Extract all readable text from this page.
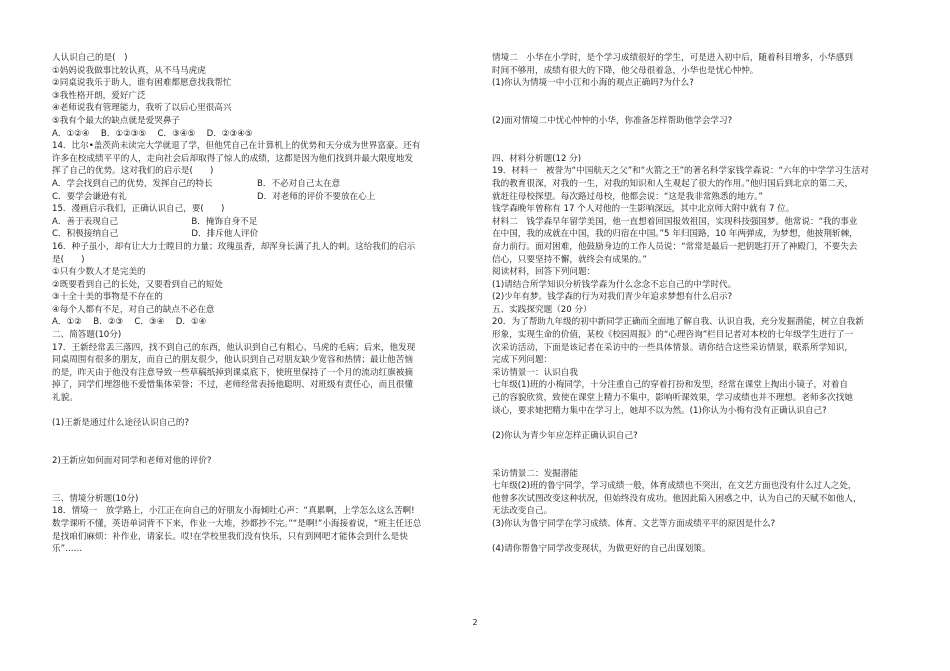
人认识自己的是(　)

①妈妈说我做事比较认真，从不马马虎虎

②同桌说我乐于助人，谁有困难都愿意找我帮忙

③我性格开朗，爱好广泛

④老师说我有管理能力，我听了以后心里很高兴

⑤我有个最大的缺点就是爱哭鼻子

A．①②④　 B．①②③⑤　 C．③④⑤　 D．②③④⑤

14．比尔•盖茨尚未读完大学就退了学，但他凭自己在计算机上的优势和天分成为世界富豪。还有

许多在校成绩平平的人，走向社会后却取得了惊人的成绩，这都是因为他们找到并最大限度地发

挥了自己的优势。这对我们的启示是(　　)

A．学会找到自己的优势，发挥自己的特长	B．不必对自己太在意

C．要学会谦逊有礼	D．对老师的评价不要放在心上

15．漫画启示我们，正确认识自己，要(　　)

A．善于表现自己	B．掩饰自身不足

C．积极接纳自己	D．排斥他人评价

16．种子虽小，却有让大力士瞠目的力量；玫瑰虽香，却浑身长满了扎人的刺。这给我们的启示

是(　　)

①只有少数人才是完美的

②既要看到自己的长处，又要看到自己的短处

③十全十美的事物是不存在的

④每个人都有不足，对自己的缺点不必在意

A．①②　 B．②③　 C．③④　 D．①④

二、简答题(10分)

17．王新经常丢三落四，找不到自己的东西，他认识到自己有粗心、马虎的毛病；后来，他发现

同桌周围有很多的朋友，而自己的朋友很少，他认识到自己对朋友缺少宽容和热情；最让他苦恼

的是，昨天由于他没有注意导致一些草稿纸掉到课桌底下，使班里保持了一个月的流动红旗被摘

掉了，同学们埋怨他不爱惜集体荣誉；不过，老师经常表扬他聪明、对班级有责任心，而且很懂

礼貌。

(1)王新是通过什么途径认识自己的?

2)王新应如何面对同学和老师对他的评价?

三、情境分析题(10分)

18．情境一　放学路上，小江正在向自己的好朋友小海倾吐心声：“真累啊，上学怎么这么苦啊!

数学课听不懂，英语单词背不下来，作业一大堆，抄都抄不完。”“是啊!”小海接着说，“班主任还总

是找咱们麻烦：补作业，请家长。哎!在学校里我们没有快乐，只有到网吧才能体会到什么是快

乐”……

情境二　小华在小学时，是个学习成绩很好的学生，可是进入初中后，随着科目增多，小华感到

时间不够用，成绩有很大的下降，他父母很着急，小华也是忧心忡忡。

(1)你认为情境一中小江和小海的观点正确吗?为什么?

(2)面对情境二中忧心忡忡的小华，你准备怎样帮助他学会学习?

四、材料分析题(12 分)

19．材料一　被誉为“中国航天之父”和“火箭之王”的著名科学家钱学森说：“六年的中学学习生活对

我的教育很深，对我的一生，对我的知识和人生观起了很大的作用。”他归国后到北京的第二天，

就赶往母校探望。每次路过母校，他都会说：“这是我非常熟悉的地方。”

钱学森晚年曾称有 17 个人对他的一生影响深远，其中北京师大附中就有 7 位。

材料二　钱学森早年留学美国，他一直想着回国报效祖国，实现科技强国梦。他常说：“我的事业

在中国，我的成就在中国，我的归宿在中国。”5 年归国路，10 年两弹成，为梦想，他披荆斩棘，

奋力前行。面对困难，他鼓励身边的工作人员说：“常常是最后一把钥匙打开了神殿门，不要失去

信心，只要坚持不懈，就终会有成果的。”

阅读材料，回答下列问题：

(1)请结合所学知识分析钱学森为什么念念不忘自己的中学时代。

(2)少年有梦。钱学森的行为对我们青少年追求梦想有什么启示?

五、实践探究题（20 分）

20．为了帮助九年级的初中新同学正确而全面地了解自我、认识自我，充分发掘潜能，树立自我新

形象，实现生命的价值，某校《校园周报》的“心理咨询”栏目记者对本校的七年级学生进行了一

次采访活动，下面是该记者在采访中的一些具体情景。请你结合这些采访情景，联系所学知识，

完成下列问题：

采访情景一：认识自我

七年级(1)班的小梅同学，十分注重自己的穿着打扮和发型，经常在课堂上掏出小镜子，对着自

己的容貌欣赏，致使在课堂上精力不集中，影响听课效果，学习成绩也并不理想。老师多次找她

谈心，要求她把精力集中在学习上，她却不以为然。(1)你认为小梅有没有正确认识自己?

(2)你认为青少年应怎样正确认识自己?

采访情景二：发掘潜能

七年级(2)班的鲁宁同学，学习成绩一般，体育成绩也不突出，在文艺方面也没有什么过人之处，

他曾多次试图改变这种状况，但始终没有成功。他因此陷入困惑之中，认为自己的天赋不如他人，

无法改变自己。

(3)你认为鲁宁同学在学习成绩、体育、文艺等方面成绩平平的原因是什么?

(4)请你帮鲁宁同学改变现状，为做更好的自己出谋划策。

2
